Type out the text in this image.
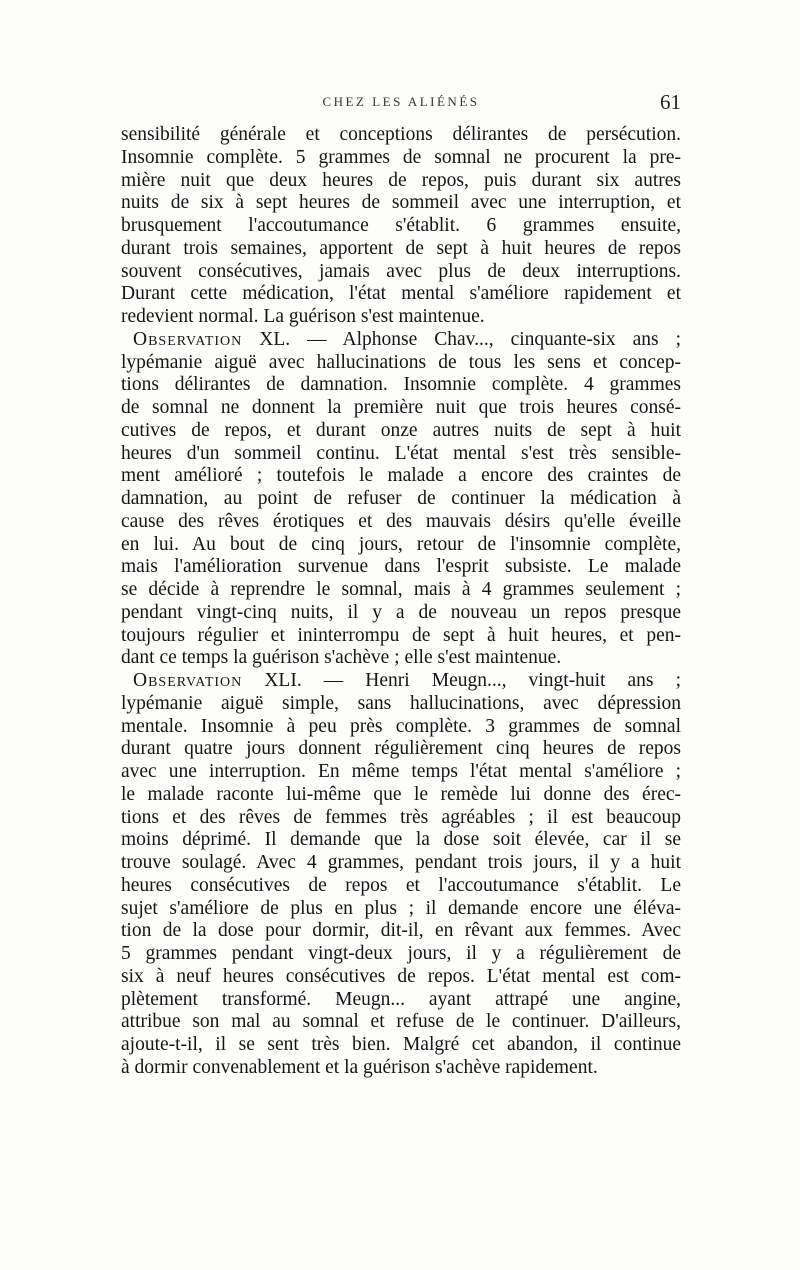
CHEZ LES ALIÉNÉS	61
sensibilité générale et conceptions délirantes de persécution.
Insomnie complète. 5 grammes de somnal ne procurent la pre-
mière nuit que deux heures de repos, puis durant six autres
nuits de six à sept heures de sommeil avec une interruption, et
brusquement l'accoutumance s'établit. 6 grammes ensuite,
durant trois semaines, apportent de sept à huit heures de repos
souvent consécutives, jamais avec plus de deux interruptions.
Durant cette médication, l'état mental s'améliore rapidement et
redevient normal. La guérison s'est maintenue.
Observation XL. — Alphonse Chav..., cinquante-six ans ;
lypémanie aiguë avec hallucinations de tous les sens et concep-
tions délirantes de damnation. Insomnie complète. 4 grammes
de somnal ne donnent la première nuit que trois heures consé-
cutives de repos, et durant onze autres nuits de sept à huit
heures d'un sommeil continu. L'état mental s'est très sensible-
ment amélioré ; toutefois le malade a encore des craintes de
damnation, au point de refuser de continuer la médication à
cause des rêves érotiques et des mauvais désirs qu'elle éveille
en lui. Au bout de cinq jours, retour de l'insomnie complète,
mais l'amélioration survenue dans l'esprit subsiste. Le malade
se décide à reprendre le somnal, mais à 4 grammes seulement ;
pendant vingt-cinq nuits, il y a de nouveau un repos presque
toujours régulier et ininterrompu de sept à huit heures, et pen-
dant ce temps la guérison s'achève ; elle s'est maintenue.
Observation XLI. — Henri Meugn..., vingt-huit ans ;
lypémanie aiguë simple, sans hallucinations, avec dépression
mentale. Insomnie à peu près complète. 3 grammes de somnal
durant quatre jours donnent régulièrement cinq heures de repos
avec une interruption. En même temps l'état mental s'améliore ;
le malade raconte lui-même que le remède lui donne des érec-
tions et des rêves de femmes très agréables ; il est beaucoup
moins déprimé. Il demande que la dose soit élevée, car il se
trouve soulagé. Avec 4 grammes, pendant trois jours, il y a huit
heures consécutives de repos et l'accoutumance s'établit. Le
sujet s'améliore de plus en plus ; il demande encore une éléva-
tion de la dose pour dormir, dit-il, en rêvant aux femmes. Avec
5 grammes pendant vingt-deux jours, il y a régulièrement de
six à neuf heures consécutives de repos. L'état mental est com-
plètement transformé. Meugn... ayant attrapé une angine,
attribue son mal au somnal et refuse de le continuer. D'ailleurs,
ajoute-t-il, il se sent très bien. Malgré cet abandon, il continue
à dormir convenablement et la guérison s'achève rapidement.
